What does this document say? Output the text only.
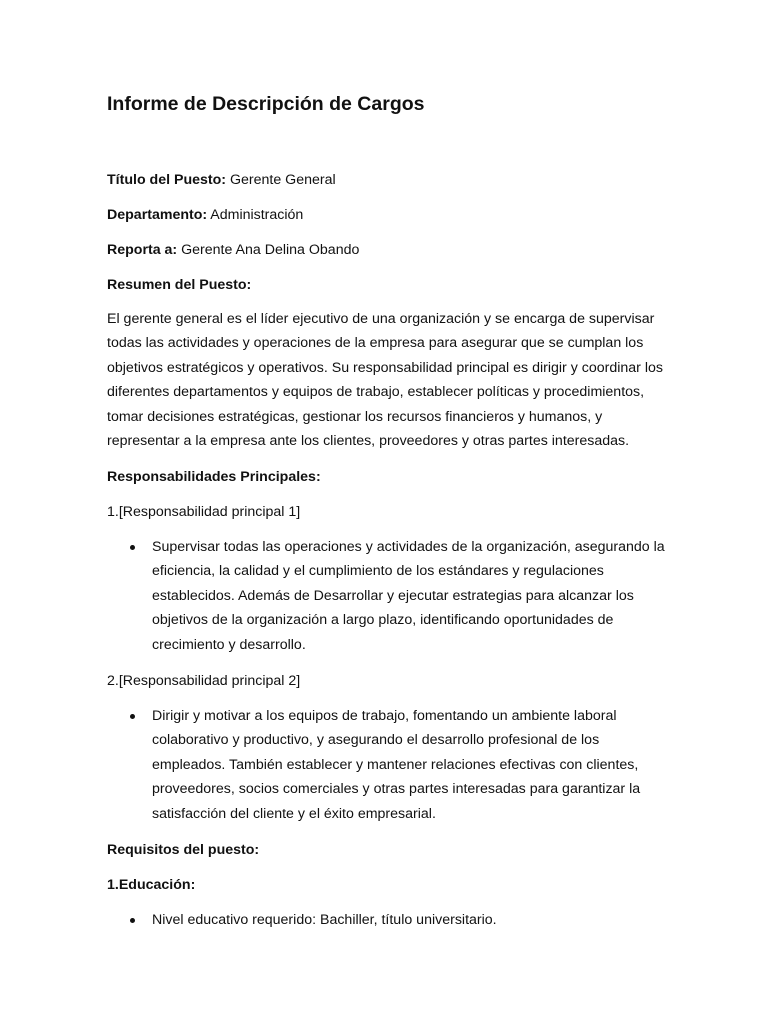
Informe de Descripción de Cargos

Título del Puesto: Gerente General

Departamento: Administración

Reporta a: Gerente Ana Delina Obando

Resumen del Puesto:

El gerente general es el líder ejecutivo de una organización y se encarga de supervisar
todas las actividades y operaciones de la empresa para asegurar que se cumplan los
objetivos estratégicos y operativos. Su responsabilidad principal es dirigir y coordinar los
diferentes departamentos y equipos de trabajo, establecer políticas y procedimientos,
tomar decisiones estratégicas, gestionar los recursos financieros y humanos, y
representar a la empresa ante los clientes, proveedores y otras partes interesadas.

Responsabilidades Principales:

1.[Responsabilidad principal 1]

Supervisar todas las operaciones y actividades de la organización, asegurando la
eficiencia, la calidad y el cumplimiento de los estándares y regulaciones
establecidos. Además de Desarrollar y ejecutar estrategias para alcanzar los
objetivos de la organización a largo plazo, identificando oportunidades de
crecimiento y desarrollo.

2.[Responsabilidad principal 2]

Dirigir y motivar a los equipos de trabajo, fomentando un ambiente laboral
colaborativo y productivo, y asegurando el desarrollo profesional de los
empleados. También establecer y mantener relaciones efectivas con clientes,
proveedores, socios comerciales y otras partes interesadas para garantizar la
satisfacción del cliente y el éxito empresarial.

Requisitos del puesto:

1.Educación:

Nivel educativo requerido: Bachiller, título universitario.
